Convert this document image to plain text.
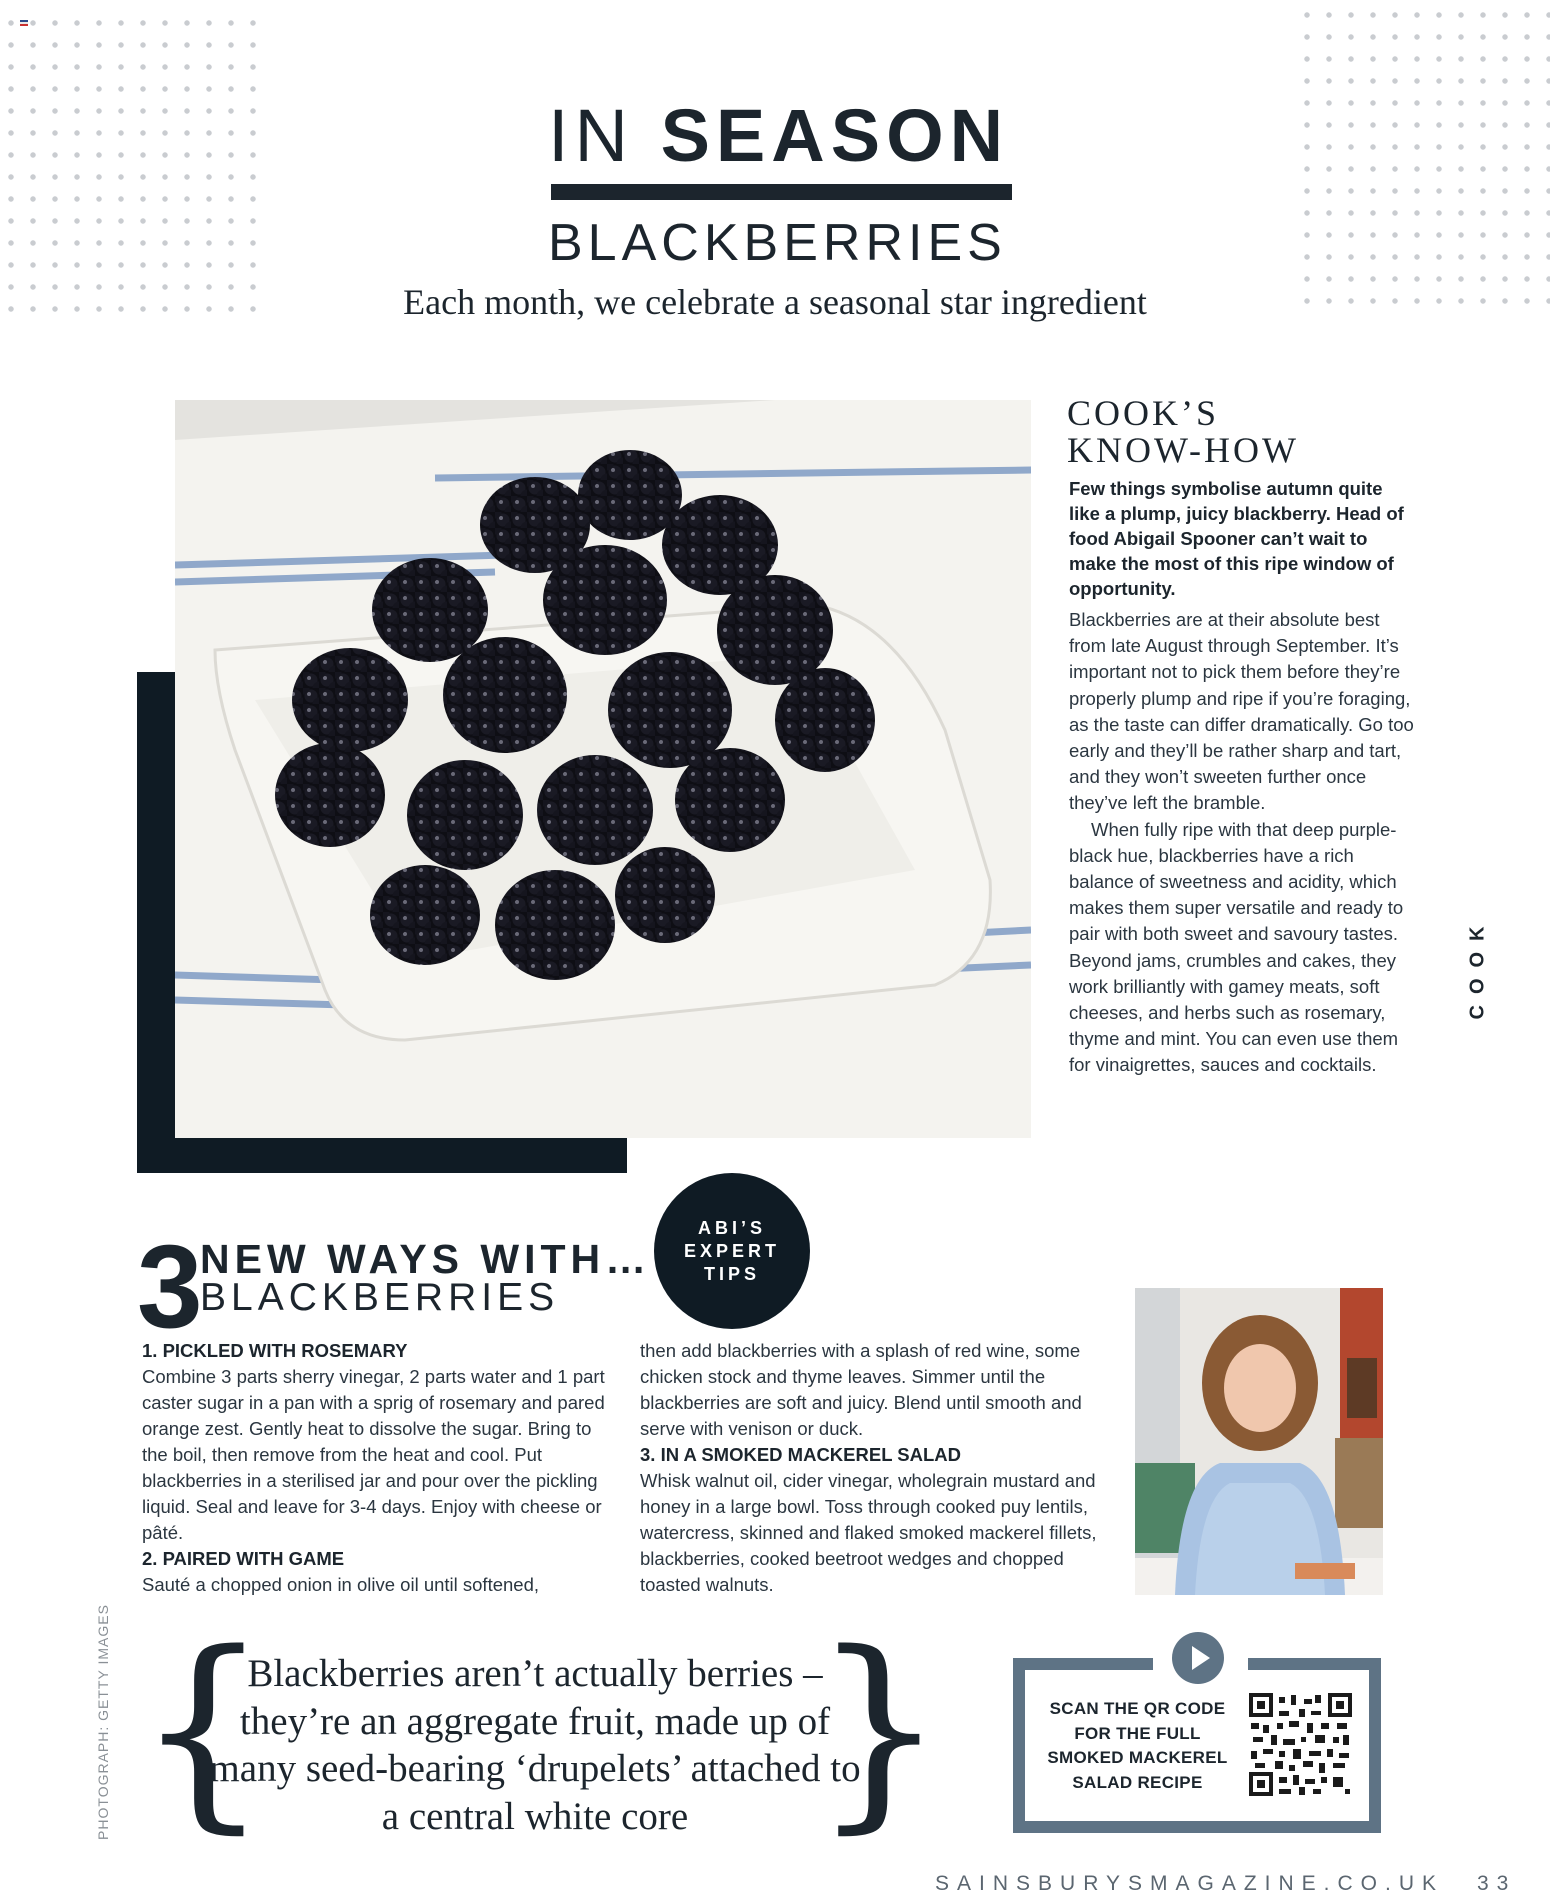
IN SEASON
BLACKBERRIES
Each month, we celebrate a seasonal star ingredient
COOK’S
KNOW-HOW

Few things symbolise autumn quite like a plump, juicy blackberry. Head of food Abigail Spooner can’t wait to make the most of this ripe window of opportunity.

Blackberries are at their absolute best from late August through September. It’s important not to pick them before they’re properly plump and ripe if you’re foraging, as the taste can differ dramatically. Go too early and they’ll be rather sharp and tart, and they won’t sweeten further once they’ve left the bramble.

When fully ripe with that deep purple-black hue, blackberries have a rich balance of sweetness and acidity, which makes them super versatile and ready to pair with both sweet and savoury tastes. Beyond jams, crumbles and cakes, they work brilliantly with gamey meats, soft cheeses, and herbs such as rosemary, thyme and mint. You can even use them for vinaigrettes, sauces and cocktails.

COOK
ABI’S EXPERT TIPS
3
NEW WAYS WITH…
BLACKBERRIES
1. PICKLED WITH ROSEMARY
Combine 3 parts sherry vinegar, 2 parts water and 1 part caster sugar in a pan with a sprig of rosemary and pared orange zest. Gently heat to dissolve the sugar. Bring to the boil, then remove from the heat and cool. Put blackberries in a sterilised jar and pour over the pickling liquid. Seal and leave for 3-4 days. Enjoy with cheese or pâté.
2. PAIRED WITH GAME
Sauté a chopped onion in olive oil until softened,
then add blackberries with a splash of red wine, some chicken stock and thyme leaves. Simmer until the blackberries are soft and juicy. Blend until smooth and serve with venison or duck.
3. IN A SMOKED MACKEREL SALAD
Whisk walnut oil, cider vinegar, wholegrain mustard and honey in a large bowl. Toss through cooked puy lentils, watercress, skinned and flaked smoked mackerel fillets, blackberries, cooked beetroot wedges and chopped toasted walnuts.
PHOTOGRAPH: GETTY IMAGES {

Blackberries aren’t actually berries – they’re an aggregate fruit, made up of many seed-bearing ‘drupelets’ attached to a central white core }	SCAN THE QR CODE FOR THE FULL SMOKED MACKEREL SALAD RECIPE
SAINSBURYSMAGAZINE.CO.UK 33
